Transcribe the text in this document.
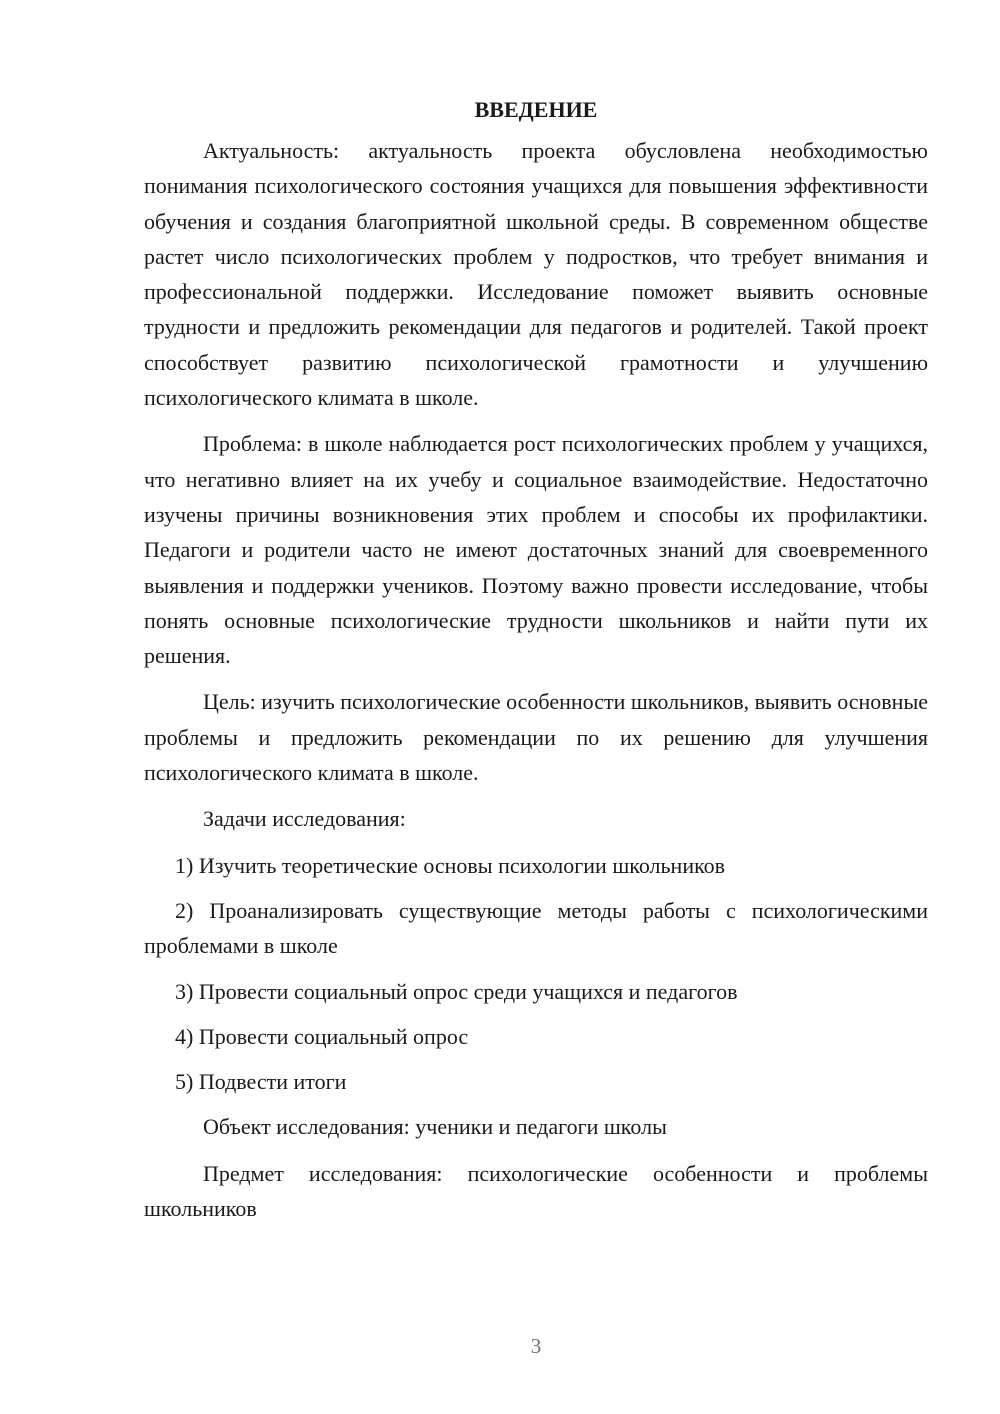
ВВЕДЕНИЕ

Актуальность: актуальность проекта обусловлена необходимостью понимания психологического состояния учащихся для повышения эффективности обучения и создания благоприятной школьной среды. В современном обществе растет число психологических проблем у подростков, что требует внимания и профессиональной поддержки. Исследование поможет выявить основные трудности и предложить рекомендации для педагогов и родителей. Такой проект способствует развитию психологической грамотности и улучшению психологического климата в школе.

Проблема: в школе наблюдается рост психологических проблем у учащихся, что негативно влияет на их учебу и социальное взаимодействие. Недостаточно изучены причины возникновения этих проблем и способы их профилактики. Педагоги и родители часто не имеют достаточных знаний для своевременного выявления и поддержки учеников. Поэтому важно провести исследование, чтобы понять основные психологические трудности школьников и найти пути их решения.

Цель: изучить психологические особенности школьников, выявить основные проблемы и предложить рекомендации по их решению для улучшения психологического климата в школе.

Задачи исследования:

1) Изучить теоретические основы психологии школьников

2) Проанализировать существующие методы работы с психологическими проблемами в школе

3) Провести социальный опрос среди учащихся и педагогов

4) Провести социальный опрос

5) Подвести итоги

Объект исследования: ученики и педагоги школы

Предмет исследования: психологические особенности и проблемы школьников

3
